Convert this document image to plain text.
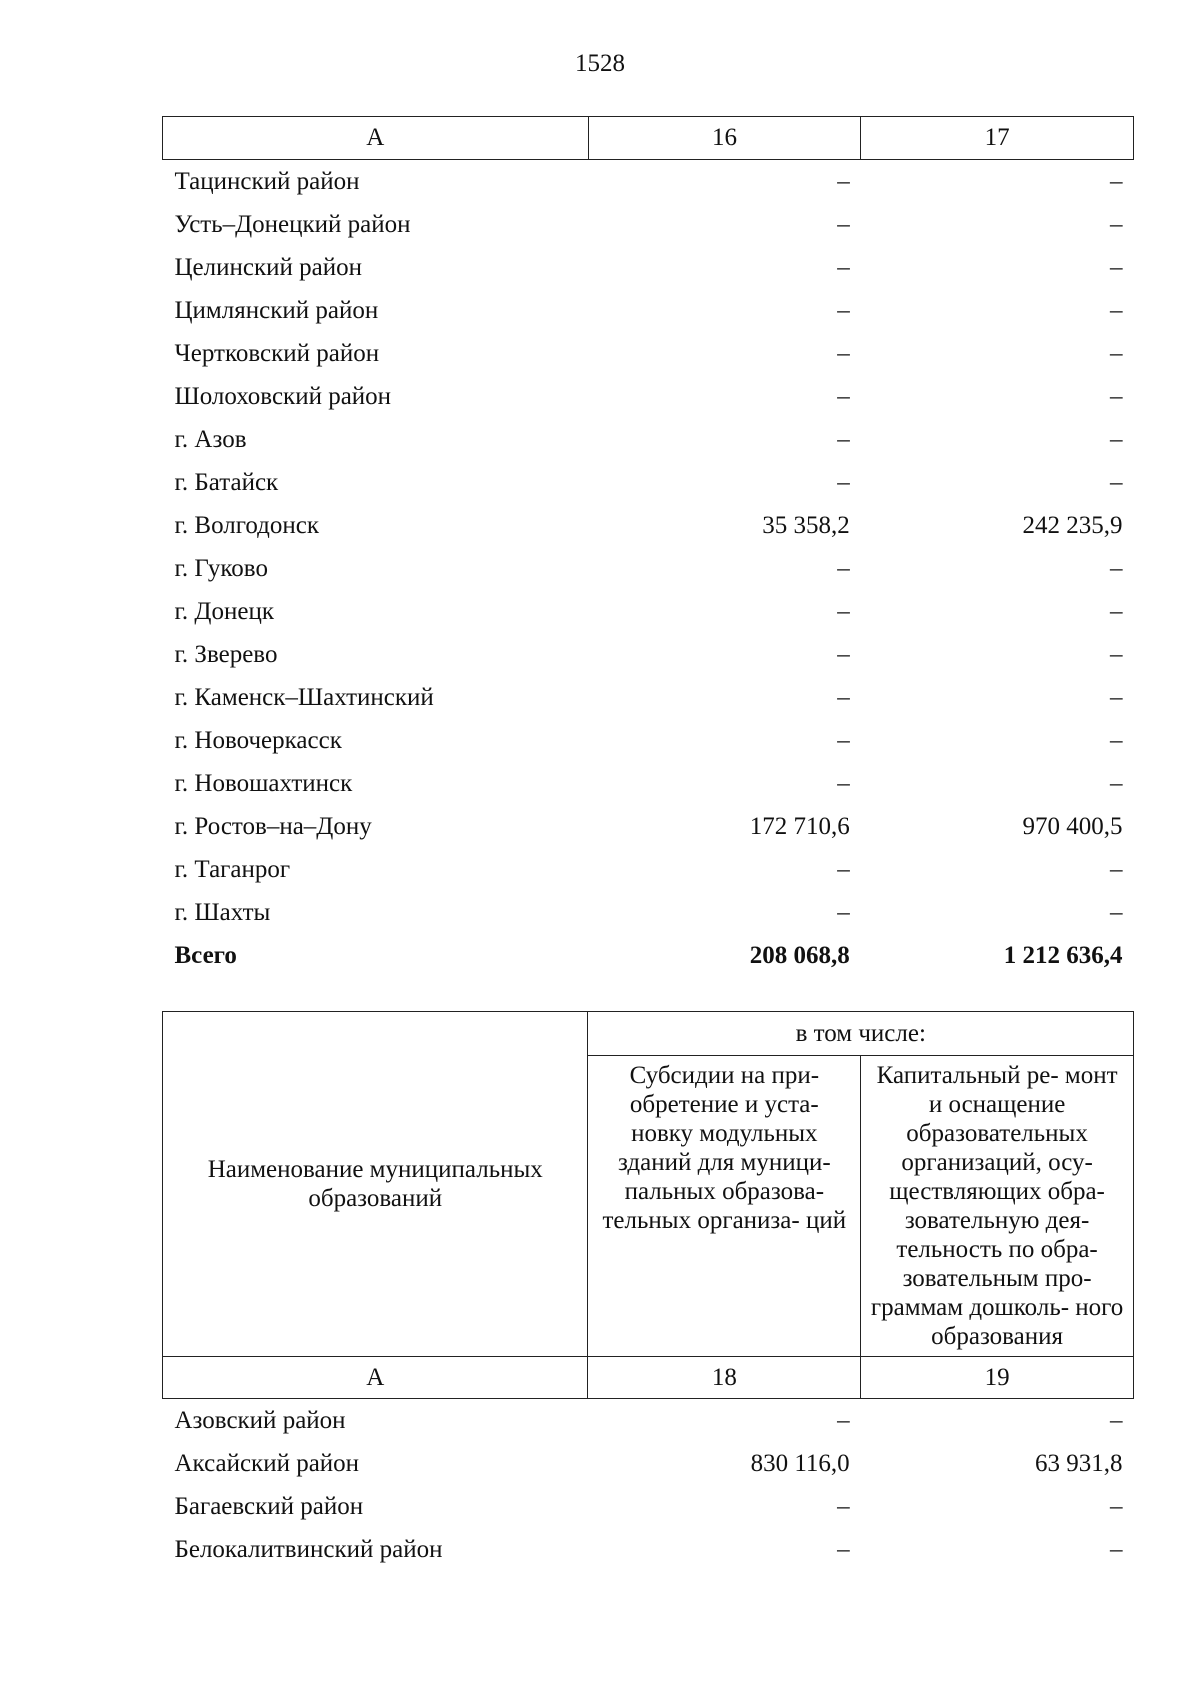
1528
А	16	17
Тацинский район	–	–
Усть–Донецкий район	–	–
Целинский район	–	–
Цимлянский район	–	–
Чертковский район	–	–
Шолоховский район	–	–
г. Азов	–	–
г. Батайск	–	–
г. Волгодонск	35 358,2	242 235,9
г. Гуково	–	–
г. Донецк	–	–
г. Зверево	–	–
г. Каменск–Шахтинский	–	–
г. Новочеркасск	–	–
г. Новошахтинск	–	–
г. Ростов–на–Дону	172 710,6	970 400,5
г. Таганрог	–	–
г. Шахты	–	–
Всего	208 068,8	1 212 636,4
Наименование муниципальных образований	в том числе:	
	Субсидии на при- обретение и уста- новку модульных зданий для муници- пальных образова- тельных организа- ций	Капитальный ре- монт и оснащение образовательных организаций, осу- ществляющих обра- зовательную дея- тельность по обра- зовательным про- граммам дошколь- ного образования
А	18	19
Азовский район	–	–
Аксайский район	830 116,0	63 931,8
Багаевский район	–	–
Белокалитвинский район	–	–
